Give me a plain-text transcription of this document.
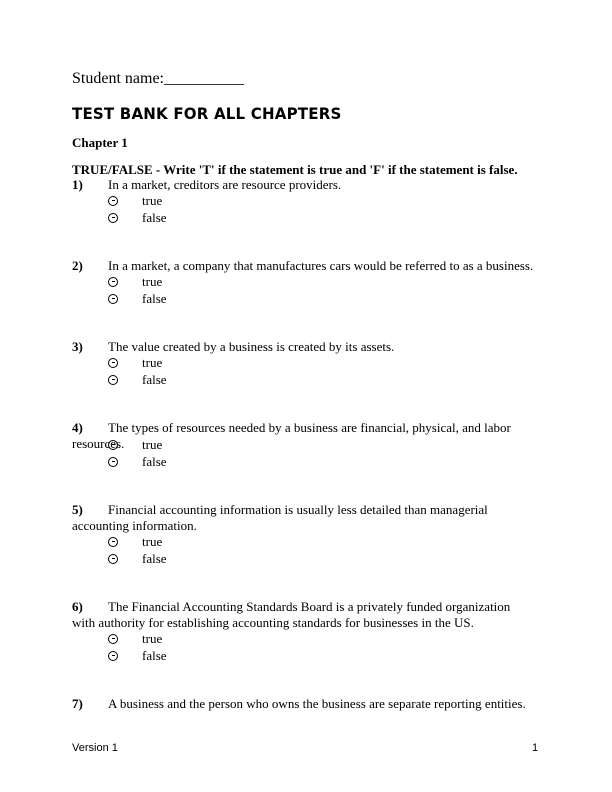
Student name:__________
TEST BANK FOR ALL CHAPTERS
Chapter 1
TRUE/FALSE - Write 'T' if the statement is true and 'F' if the statement is false.
1) In a market, creditors are resource providers.
true
false
2) In a market, a company that manufactures cars would be referred to as a business.
true
false
3) The value created by a business is created by its assets.
true
false
4) The types of resources needed by a business are financial, physical, and labor resources.	true
false
5) Financial accounting information is usually less detailed than managerial accounting information.
true
false
6) The Financial Accounting Standards Board is a privately funded organization with authority for establishing accounting standards for businesses in the US.
true
false
7) A business and the person who owns the business are separate reporting entities.
Version 1	1
